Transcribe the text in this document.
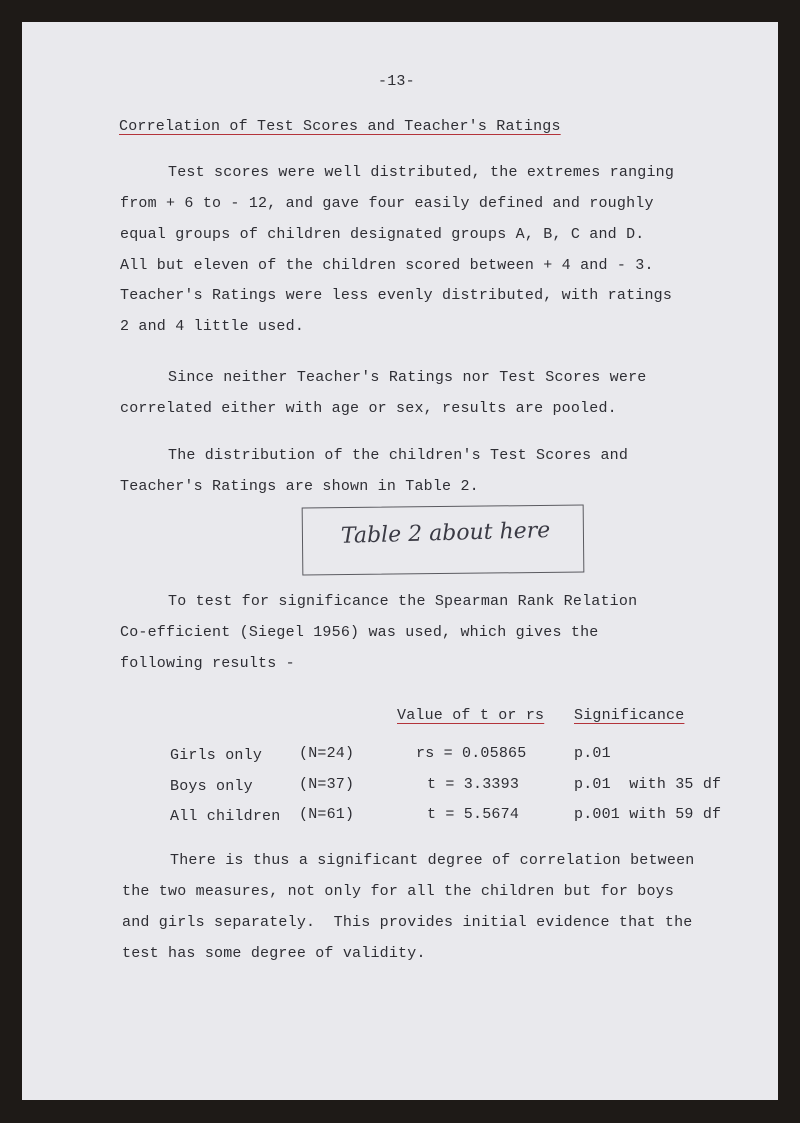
-13-
Correlation of Test Scores and Teacher's Ratings
Test scores were well distributed, the extremes ranging
from + 6 to - 12, and gave four easily defined and roughly
equal groups of children designated groups A, B, C and D.
All but eleven of the children scored between + 4 and - 3.
Teacher's Ratings were less evenly distributed, with ratings
2 and 4 little used.
Since neither Teacher's Ratings nor Test Scores were
correlated either with age or sex, results are pooled.
The distribution of the children's Test Scores and
Teacher's Ratings are shown in Table 2.
Table 2 about here
To test for significance the Spearman Rank Relation
Co-efficient (Siegel 1956) was used, which gives the
following results -
Value of t or rs Significance
Girls only (N=24)	rs = 0.05865	p.01
Boys only	(N=37)	t = 3.3393	p.01  with 35 df
All children (N=61)	t = 5.5674	p.001 with 59 df
There is thus a significant degree of correlation between
the two measures, not only for all the children but for boys
and girls separately.  This provides initial evidence that the
test has some degree of validity.
